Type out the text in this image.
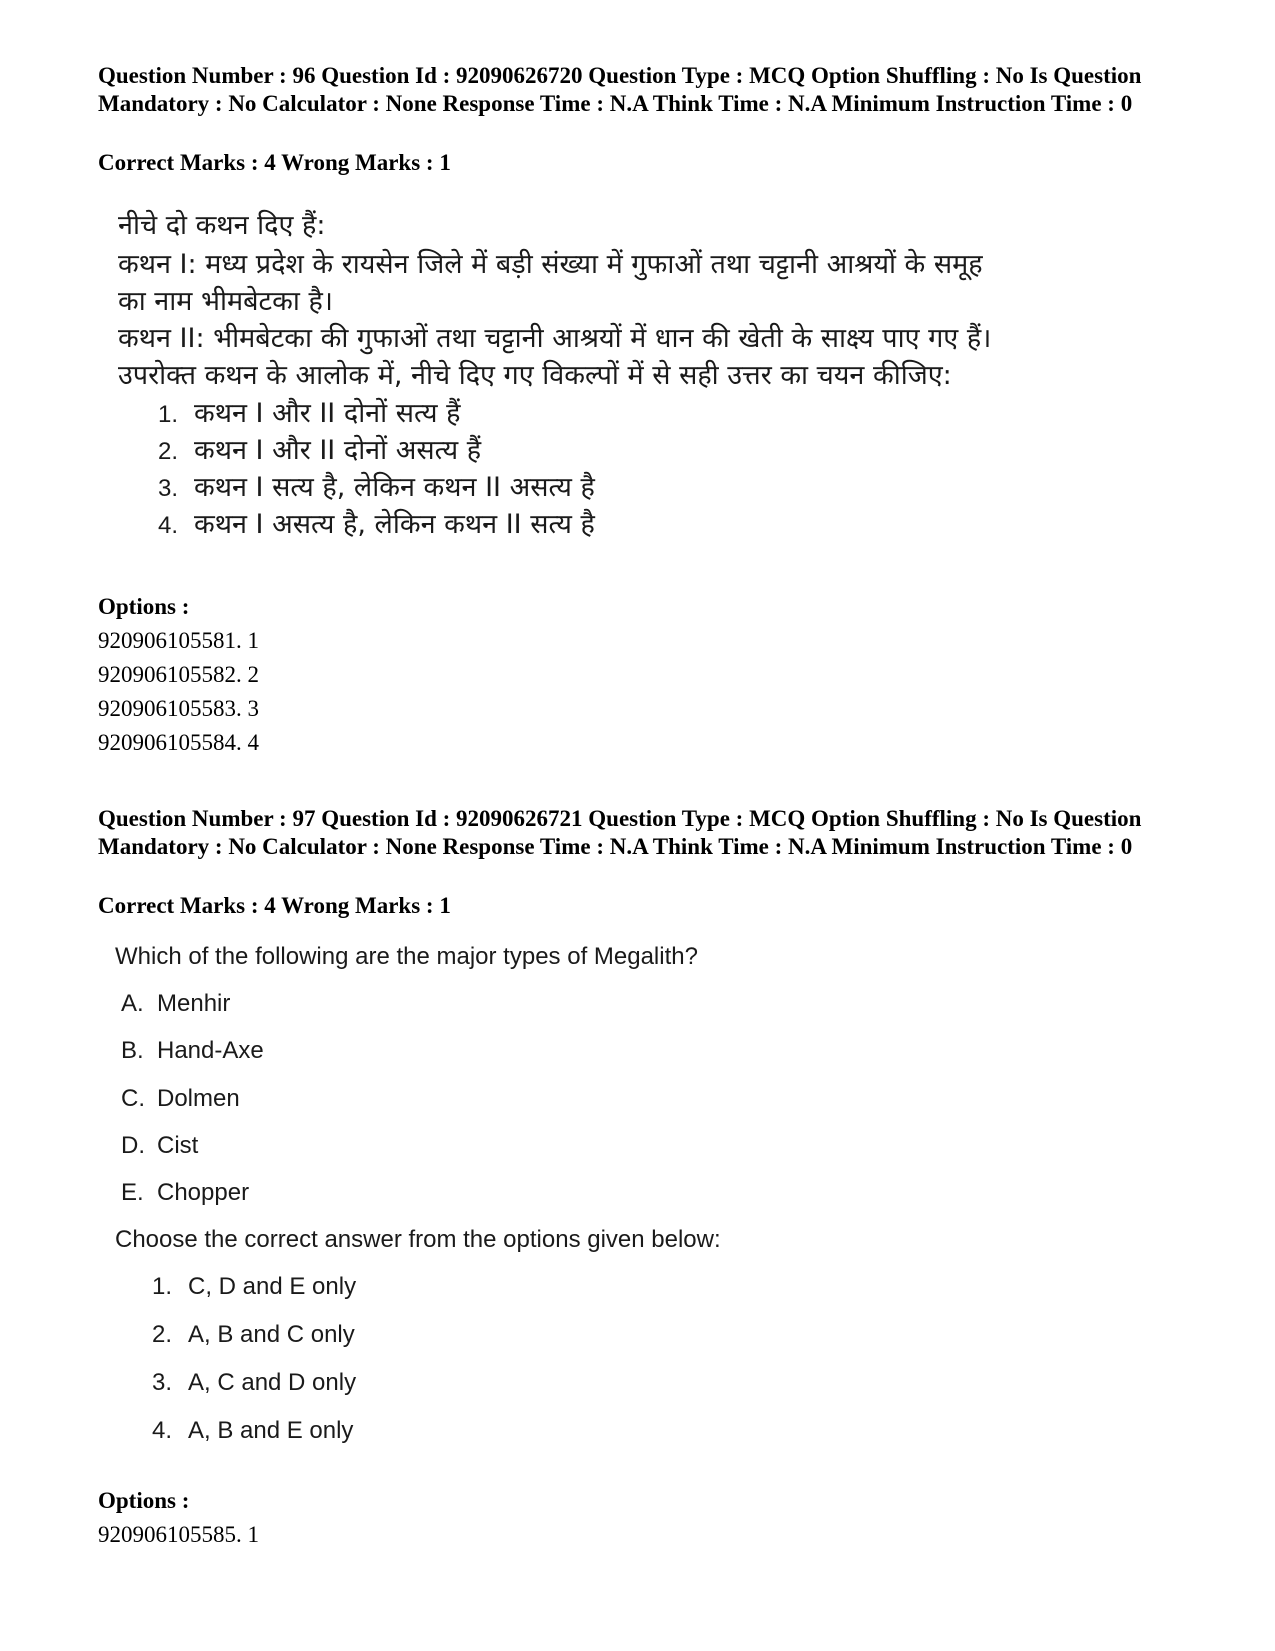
Question Number : 96 Question Id : 92090626720 Question Type : MCQ Option Shuffling : No Is Question Mandatory : No Calculator : None Response Time : N.A Think Time : N.A Minimum Instruction Time : 0
Correct Marks : 4 Wrong Marks : 1
नीचे दो कथन दिए हैं:
कथन I: मध्य प्रदेश के रायसेन जिले में बड़ी संख्या में गुफाओं तथा चट्टानी आश्रयों के समूह
का नाम भीमबेटका है।
कथन II: भीमबेटका की गुफाओं तथा चट्टानी आश्रयों में धान की खेती के साक्ष्य पाए गए हैं।
उपरोक्त कथन के आलोक में, नीचे दिए गए विकल्पों में से सही उत्तर का चयन कीजिए:
1. कथन I और II दोनों सत्य हैं
2. कथन I और II दोनों असत्य हैं
3. कथन I सत्य है, लेकिन कथन II असत्य है
4. कथन I असत्य है, लेकिन कथन II सत्य है
Options :
920906105581. 1
920906105582. 2
920906105583. 3
920906105584. 4
Question Number : 97 Question Id : 92090626721 Question Type : MCQ Option Shuffling : No Is Question Mandatory : No Calculator : None Response Time : N.A Think Time : N.A Minimum Instruction Time : 0
Correct Marks : 4 Wrong Marks : 1
Which of the following are the major types of Megalith?
A. Menhir
B. Hand-Axe
C. Dolmen
D. Cist
E. Chopper
Choose the correct answer from the options given below:
1. C, D and E only
2. A, B and C only
3. A, C and D only
4. A, B and E only
Options :
920906105585. 1
